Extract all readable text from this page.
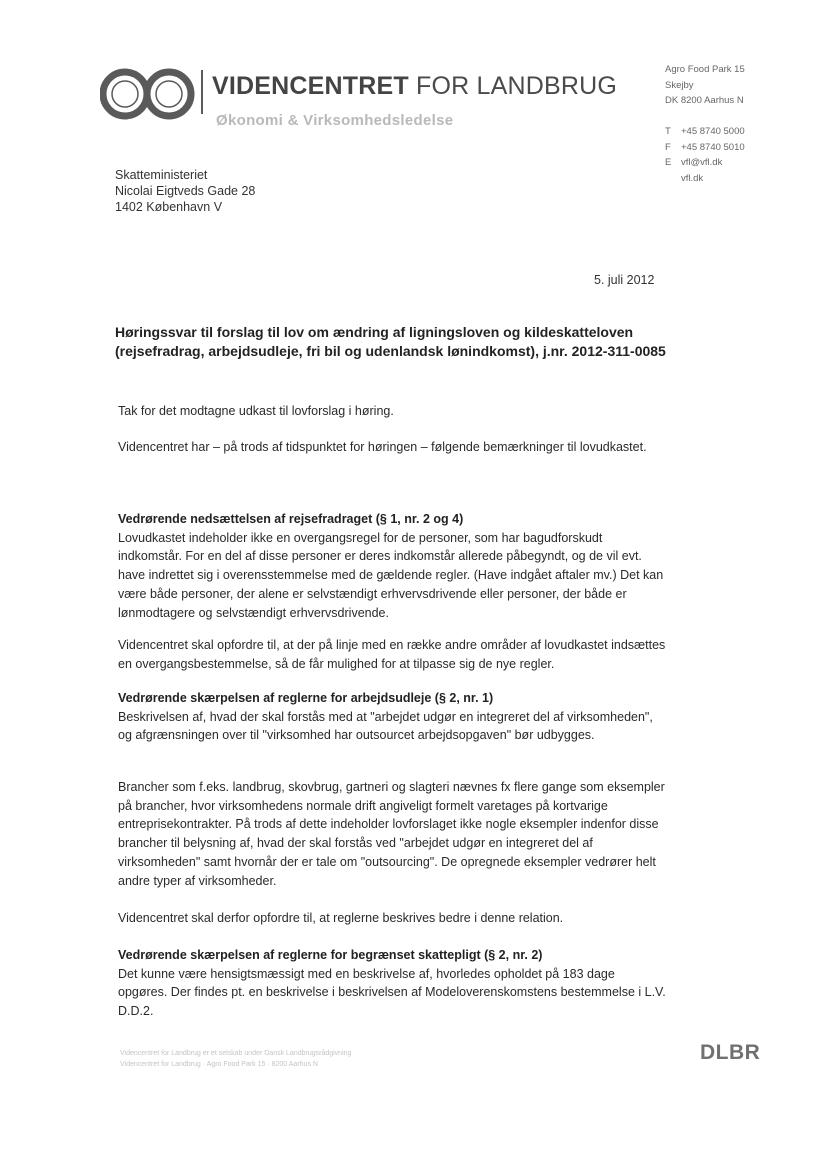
VIDENCENTRET FOR LANDBRUG
Økonomi & Virksomhedsledelse
Agro Food Park 15
Skejby
DK 8200 Aarhus N
T +45 8740 5000
F +45 8740 5010
E vfl@vfl.dk
vfl.dk
Skatteministeriet
Nicolai Eigtveds Gade 28
1402 København V
5. juli 2012
Høringssvar til forslag til lov om ændring af ligningsloven og kildeskatteloven (rejsefradrag, arbejdsudleje, fri bil og udenlandsk lønindkomst), j.nr. 2012-311-0085
Tak for det modtagne udkast til lovforslag i høring.
Videncentret har – på trods af tidspunktet for høringen – følgende bemærkninger til lovudkastet.
Vedrørende nedsættelsen af rejsefradraget (§ 1, nr. 2 og 4)
Lovudkastet indeholder ikke en overgangsregel for de personer, som har bagudforskudt indkomstår. For en del af disse personer er deres indkomstår allerede påbegyndt, og de vil evt. have indrettet sig i overensstemmelse med de gældende regler. (Have indgået aftaler mv.) Det kan være både personer, der alene er selvstændigt erhvervsdrivende eller personer, der både er lønmodtagere og selvstændigt erhvervsdrivende.
Videncentret skal opfordre til, at der på linje med en række andre områder af lovudkastet indsættes en overgangsbestemmelse, så de får mulighed for at tilpasse sig de nye regler.
Vedrørende skærpelsen af reglerne for arbejdsudleje (§ 2, nr. 1)
Beskrivelsen af, hvad der skal forstås med at "arbejdet udgør en integreret del af virksomheden", og afgrænsningen over til "virksomhed har outsourcet arbejdsopgaven" bør udbygges.
Brancher som f.eks. landbrug, skovbrug, gartneri og slagteri nævnes fx flere gange som eksempler på brancher, hvor virksomhedens normale drift angiveligt formelt varetages på kortvarige entreprisekontrakter. På trods af dette indeholder lovforslaget ikke nogle eksempler indenfor disse brancher til belysning af, hvad der skal forstås ved "arbejdet udgør en integreret del af virksomheden" samt hvornår der er tale om "outsourcing". De opregnede eksempler vedrører helt andre typer af virksomheder.
Videncentret skal derfor opfordre til, at reglerne beskrives bedre i denne relation.
Vedrørende skærpelsen af reglerne for begrænset skattepligt (§ 2, nr. 2)
Det kunne være hensigtsmæssigt med en beskrivelse af, hvorledes opholdet på 183 dage opgøres. Der findes pt. en beskrivelse i beskrivelsen af Modeloverenskomstens bestemmelse i L.V. D.D.2.
Videncentret for Landbrug er et selskab under Dansk Landbrugsrådgivning
Videncentret for Landbrug · Agro Food Park 15 · 8200 Aarhus N
DLBR
